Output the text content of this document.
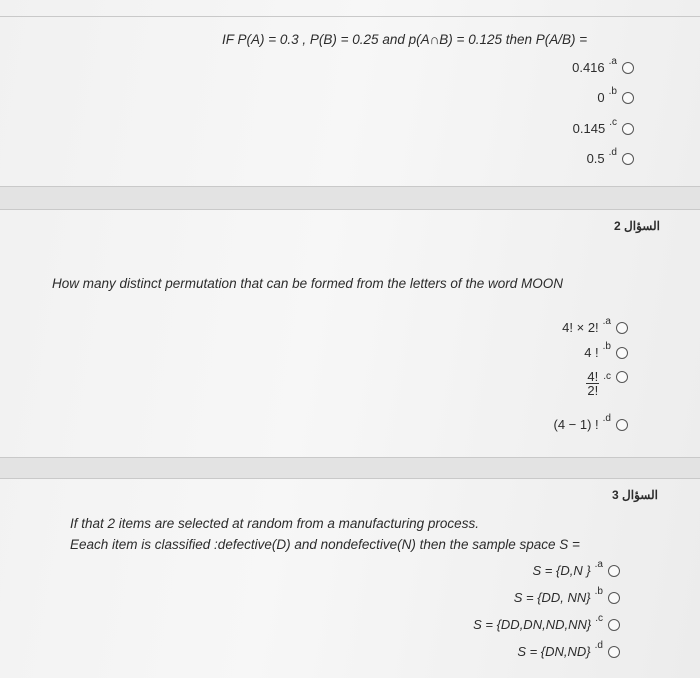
IF P(A) = 0.3 , P(B) = 0.25 and p(A∩B) = 0.125 then P(A/B) =
0.416 .a
0 .b
0.145 .c
0.5 .d
السؤال 2
How many distinct permutation that can be formed from the letters of the word MOON
4! × 2! .a
4 ! .b
$\frac{4!}{2!} .c$
(4 − 1) ! .d
السؤال 3
If that 2 items are selected at random from a manufacturing process.
Eeach item is classified :defective(D) and nondefective(N) then the sample space S =
S = {D,N } .a
S = {DD, NN} .b
S = {DD,DN,ND,NN} .c
S = {DN,ND} .d
